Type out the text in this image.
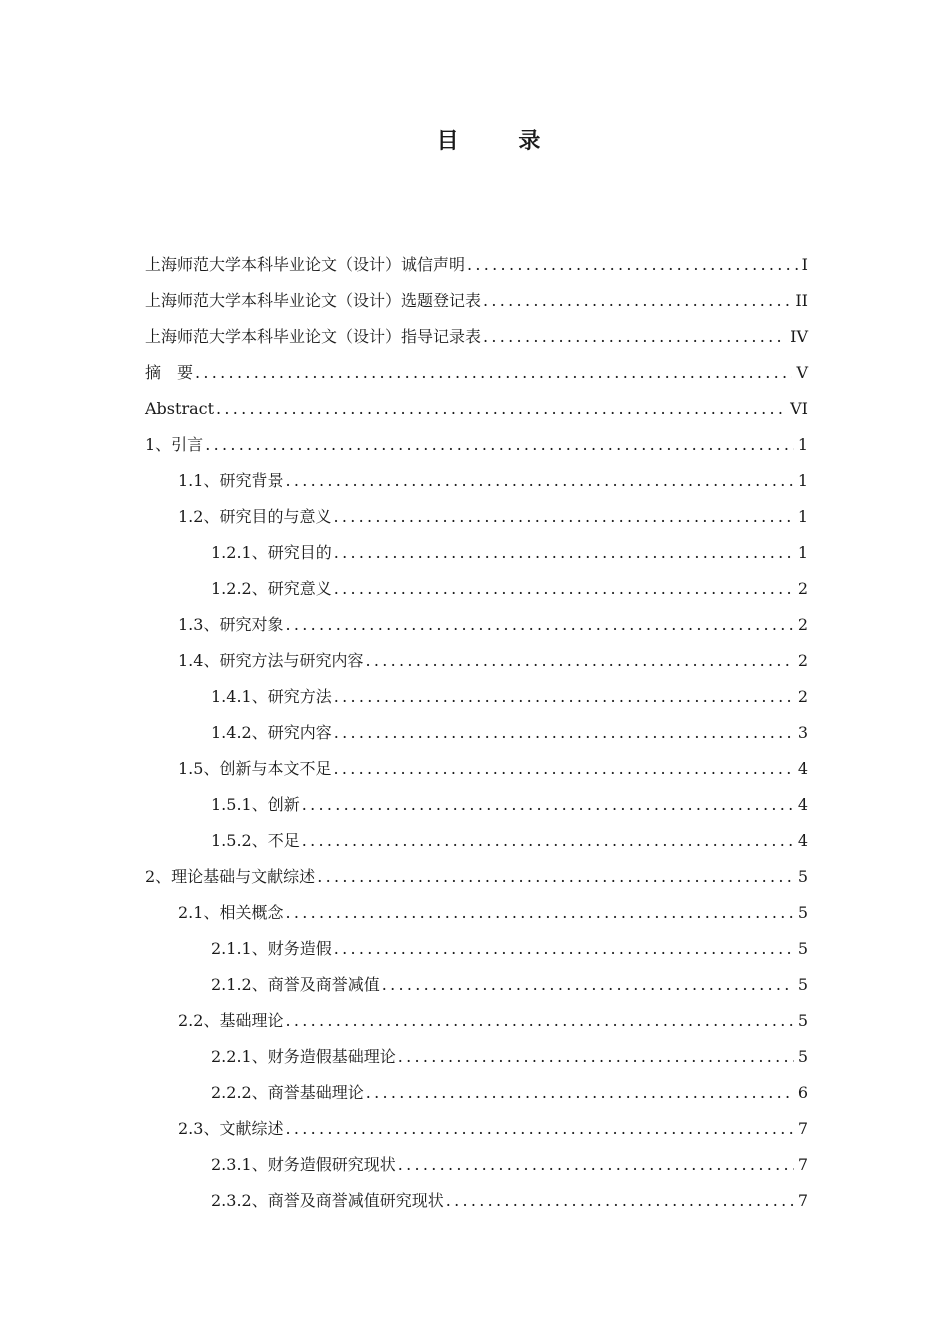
目 录
上海师范大学本科毕业论文（设计）诚信声明 .....	I
上海师范大学本科毕业论文（设计）选题登记表 .....	II
上海师范大学本科毕业论文（设计）指导记录表 .....	IV
摘　要 .....	V
Abstract .....	VI
1、引言 .....	1
1.1、研究背景 .....	1
1.2、研究目的与意义 .....	1
1.2.1、研究目的 .....	1
1.2.2、研究意义 .....	2
1.3、研究对象 .....	2
1.4、研究方法与研究内容 .....	2
1.4.1、研究方法 .....	2
1.4.2、研究内容 .....	3
1.5、创新与本文不足 .....	4
1.5.1、创新 .....	4
1.5.2、不足 .....	4
2、理论基础与文献综述 .....	5
2.1、相关概念 .....	5
2.1.1、财务造假 .....	5
2.1.2、商誉及商誉减值 .....	5
2.2、基础理论 .....	5
2.2.1、财务造假基础理论 .....	5
2.2.2、商誉基础理论 .....	6
2.3、文献综述 .....	7
2.3.1、财务造假研究现状 .....	7
2.3.2、商誉及商誉减值研究现状 .....	7
